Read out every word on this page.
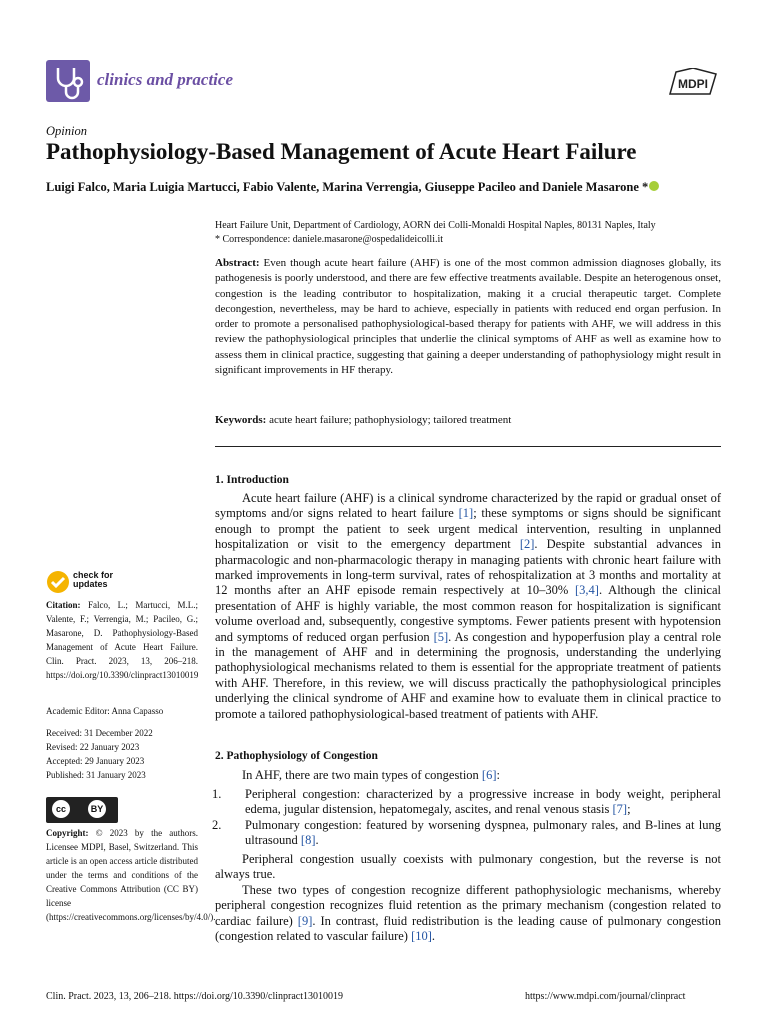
clinics and practice	MDPI
Opinion
Pathophysiology-Based Management of Acute Heart Failure
Luigi Falco, Maria Luigia Martucci, Fabio Valente, Marina Verrengia, Giuseppe Pacileo and Daniele Masarone *
Heart Failure Unit, Department of Cardiology, AORN dei Colli-Monaldi Hospital Naples, 80131 Naples, Italy
* Correspondence: daniele.masarone@ospedalideicolli.it
Abstract: Even though acute heart failure (AHF) is one of the most common admission diagnoses globally, its pathogenesis is poorly understood, and there are few effective treatments available. Despite an heterogenous onset, congestion is the leading contributor to hospitalization, making it a crucial therapeutic target. Complete decongestion, nevertheless, may be hard to achieve, especially in patients with reduced end organ perfusion. In order to promote a personalised pathophysiological-based therapy for patients with AHF, we will address in this review the pathophysiological principles that underlie the clinical symptoms of AHF as well as examine how to assess them in clinical practice, suggesting that gaining a deeper understanding of pathophysiology might result in significant improvements in HF therapy.
Keywords: acute heart failure; pathophysiology; tailored treatment
1. Introduction

Acute heart failure (AHF) is a clinical syndrome characterized by the rapid or gradual onset of symptoms and/or signs related to heart failure [1]; these symptoms or signs should be significant enough to prompt the patient to seek urgent medical intervention, resulting in unplanned hospitalization or visit to the emergency department [2]. Despite substantial advances in pharmacologic and non-pharmacologic therapy in managing patients with chronic heart failure with marked improvements in long-term survival, rates of rehospitalization at 3 months and mortality at 12 months after an AHF episode remain respectively at 10–30% [3,4]. Although the clinical presentation of AHF is highly variable, the most common reason for hospitalization is significant volume overload and, subsequently, congestive symptoms. Fewer patients present with hypotension and symptoms of reduced organ perfusion [5]. As congestion and hypoperfusion play a central role in the management of AHF and in determining the prognosis, understanding the underlying pathophysiological mechanisms related to them is essential for the appropriate treatment of patients with AHF. Therefore, in this review, we will discuss practically the pathophysiological principles underlying the clinical syndrome of AHF and examine how to evaluate them in clinical practice to promote a tailored pathophysiological-based treatment of patients with AHF.

2. Pathophysiology of Congestion

In AHF, there are two main types of congestion [6]:

1. Peripheral congestion: characterized by a progressive increase in body weight, peripheral edema, jugular distension, hepatomegaly, ascites, and renal venous stasis [7];
2. Pulmonary congestion: featured by worsening dyspnea, pulmonary rales, and B-lines at lung ultrasound [8].

Peripheral congestion usually coexists with pulmonary congestion, but the reverse is not always true.

These two types of congestion recognize different pathophysiologic mechanisms, whereby peripheral congestion recognizes fluid retention as the primary mechanism (congestion related to cardiac failure) [9]. In contrast, fluid redistribution is the leading cause of pulmonary congestion (congestion related to vascular failure) [10].

check for
updates
Citation: Falco, L.; Martucci, M.L.; Valente, F.; Verrengia, M.; Pacileo, G.; Masarone, D. Pathophysiology-Based Management of Acute Heart Failure. Clin. Pract. 2023, 13, 206–218. https://doi.org/10.3390/clinpract13010019
Academic Editor: Anna Capasso
Received: 31 December 2022
Revised: 22 January 2023
Accepted: 29 January 2023
Published: 31 January 2023
cc	BY
Copyright: © 2023 by the authors. Licensee MDPI, Basel, Switzerland. This article is an open access article distributed under the terms and conditions of the Creative Commons Attribution (CC BY) license (https://creativecommons.org/licenses/by/4.0/).
Clin. Pract. 2023, 13, 206–218. https://doi.org/10.3390/clinpract13010019	https://www.mdpi.com/journal/clinpract
